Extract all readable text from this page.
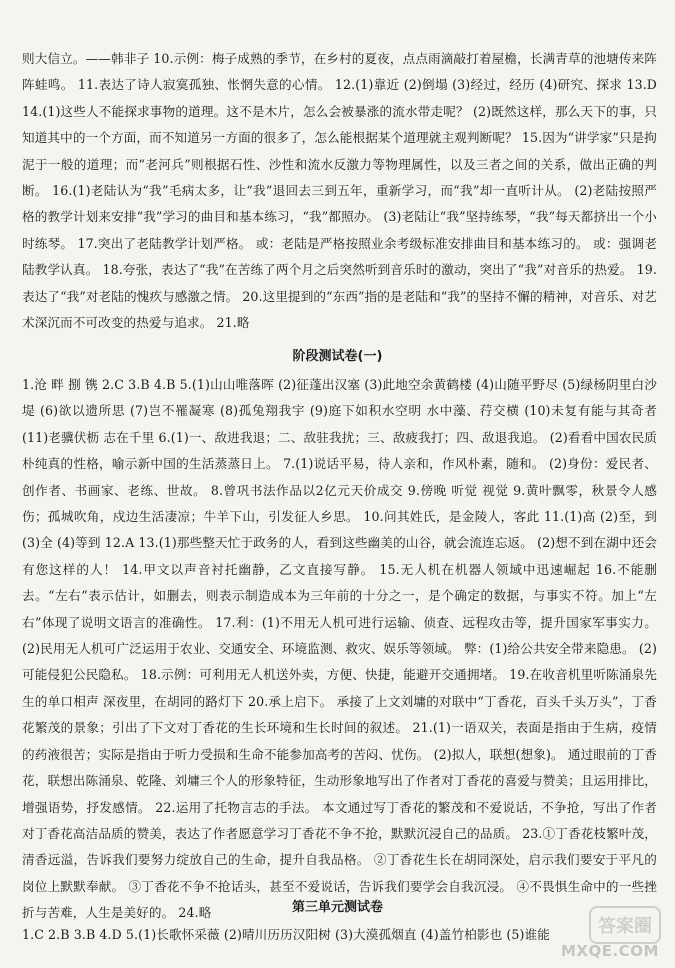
则大信立。——韩非子 10.示例：梅子成熟的季节，在乡村的夏夜，点点雨滴敲打着屋檐，长满青草的池塘传来阵阵蛙鸣。 11.表达了诗人寂寞孤独、怅惘失意的心情。 12.(1)靠近 (2)倒塌 (3)经过，经历 (4)研究、探求 13.D 14.(1)这些人不能探求事物的道理。这不是木片，怎么会被暴涨的流水带走呢？ (2)既然这样，那么天下的事，只知道其中的一个方面，而不知道另一方面的很多了，怎么能根据某个道理就主观判断呢？ 15.因为“讲学家”只是拘泥于一般的道理；而“老河兵”则根据石性、沙性和流水反激力等物理属性，以及三者之间的关系，做出正确的判断。 16.(1)老陆认为“我”毛病太多，让“我”退回去三到五年，重新学习，而“我”却一直听计从。 (2)老陆按照严格的教学计划来安排“我”学习的曲目和基本练习，“我”都照办。 (3)老陆让“我”坚持练琴，“我”每天都挤出一个小时练琴。 17.突出了老陆教学计划严格。 或：老陆是严格按照业余考级标准安排曲目和基本练习的。 或：强调老陆教学认真。 18.夸张，表达了“我”在苦练了两个月之后突然听到音乐时的激动，突出了“我”对音乐的热爱。 19.表达了“我”对老陆的愧疚与感激之情。 20.这里提到的“东西”指的是老陆和“我”的坚持不懈的精神，对音乐、对艺术深沉而不可改变的热爱与追求。 21.略

阶段测试卷(一)

1.沧 畔 捌 镌 2.C 3.B 4.B 5.(1)山山唯落晖 (2)征蓬出汉塞 (3)此地空余黄鹤楼 (4)山随平野尽 (5)绿杨阴里白沙堤 (6)欲以遗所思 (7)岂不罹凝寒 (8)孤兔翔我宇 (9)庭下如积水空明 水中藻、荇交横 (10)未复有能与其奇者 (11)老骥伏枥 志在千里 6.(1)一、敌进我退；二、敌驻我扰；三、敌疲我打；四、敌退我追。 (2)看看中国农民质朴纯真的性格，喻示新中国的生活蒸蒸日上。 7.(1)说话平易，待人亲和，作风朴素，随和。 (2)身份：爱民者、创作者、书画家、老练、世故。 8.曾巩书法作品以2亿元天价成交 9.傍晚 听觉 视觉 9.黄叶飘零，秋景令人感伤；孤城吹角，戍边生活凄凉；牛羊下山，引发征人乡思。 10.问其姓氏，是金陵人，客此 11.(1)高 (2)至，到 (3)全 (4)等到 12.A 13.(1)那些整天忙于政务的人，看到这些幽美的山谷，就会流连忘返。 (2)想不到在湖中还会有您这样的人！ 14.甲文以声音衬托幽静，乙文直接写静。 15.无人机在机器人领域中迅速崛起 16.不能删去。“左右”表示估计，如删去，则表示制造成本为三年前的十分之一，是个确定的数据，与事实不符。加上“左右”体现了说明文语言的准确性。 17.利：(1)不用无人机可进行运输、侦查、远程攻击等，提升国家军事实力。 (2)民用无人机可广泛运用于农业、交通安全、环境监测、救灾、娱乐等领域。 弊：(1)给公共安全带来隐患。 (2)可能侵犯公民隐私。 18.示例：可利用无人机送外卖，方便、快捷，能避开交通拥堵。 19.在收音机里听陈涌泉先生的单口相声 深夜里，在胡同的路灯下 20.承上启下。 承接了上文刘墉的对联中“丁香花，百头千头万头”，丁香花繁茂的景象；引出了下文对丁香花的生长环境和生长时间的叙述。 21.(1)一语双关，表面是指由于生病，疫情的药液很苦；实际是指由于听力受损和生命不能参加高考的苦闷、忧伤。 (2)拟人，联想(想象)。 通过眼前的丁香花，联想出陈涌泉、乾隆、刘墉三个人的形象特征，生动形象地写出了作者对丁香花的喜爱与赞美；且运用排比，增强语势，抒发感情。 22.运用了托物言志的手法。 本文通过写丁香花的繁茂和不爱说话，不争抢，写出了作者对丁香花高洁品质的赞美，表达了作者愿意学习丁香花不争不抢，默默沉浸自己的品质。 23.①丁香花枝繁叶茂，清香远溢，告诉我们要努力绽放自己的生命，提升自我品格。 ②丁香花生长在胡同深处，启示我们要安于平凡的岗位上默默奉献。 ③丁香花不争不抢话头，甚至不爱说话，告诉我们要学会自我沉浸。 ④不畏惧生命中的一些挫折与苦难，人生是美好的。 24.略	第三单元测试卷

1.C 2.B 3.B 4.D 5.(1)长歌怀采薇 (2)晴川历历汉阳树 (3)大漠孤烟直 (4)盖竹柏影也 (5)谁能	答案圈
MXQE.COM
